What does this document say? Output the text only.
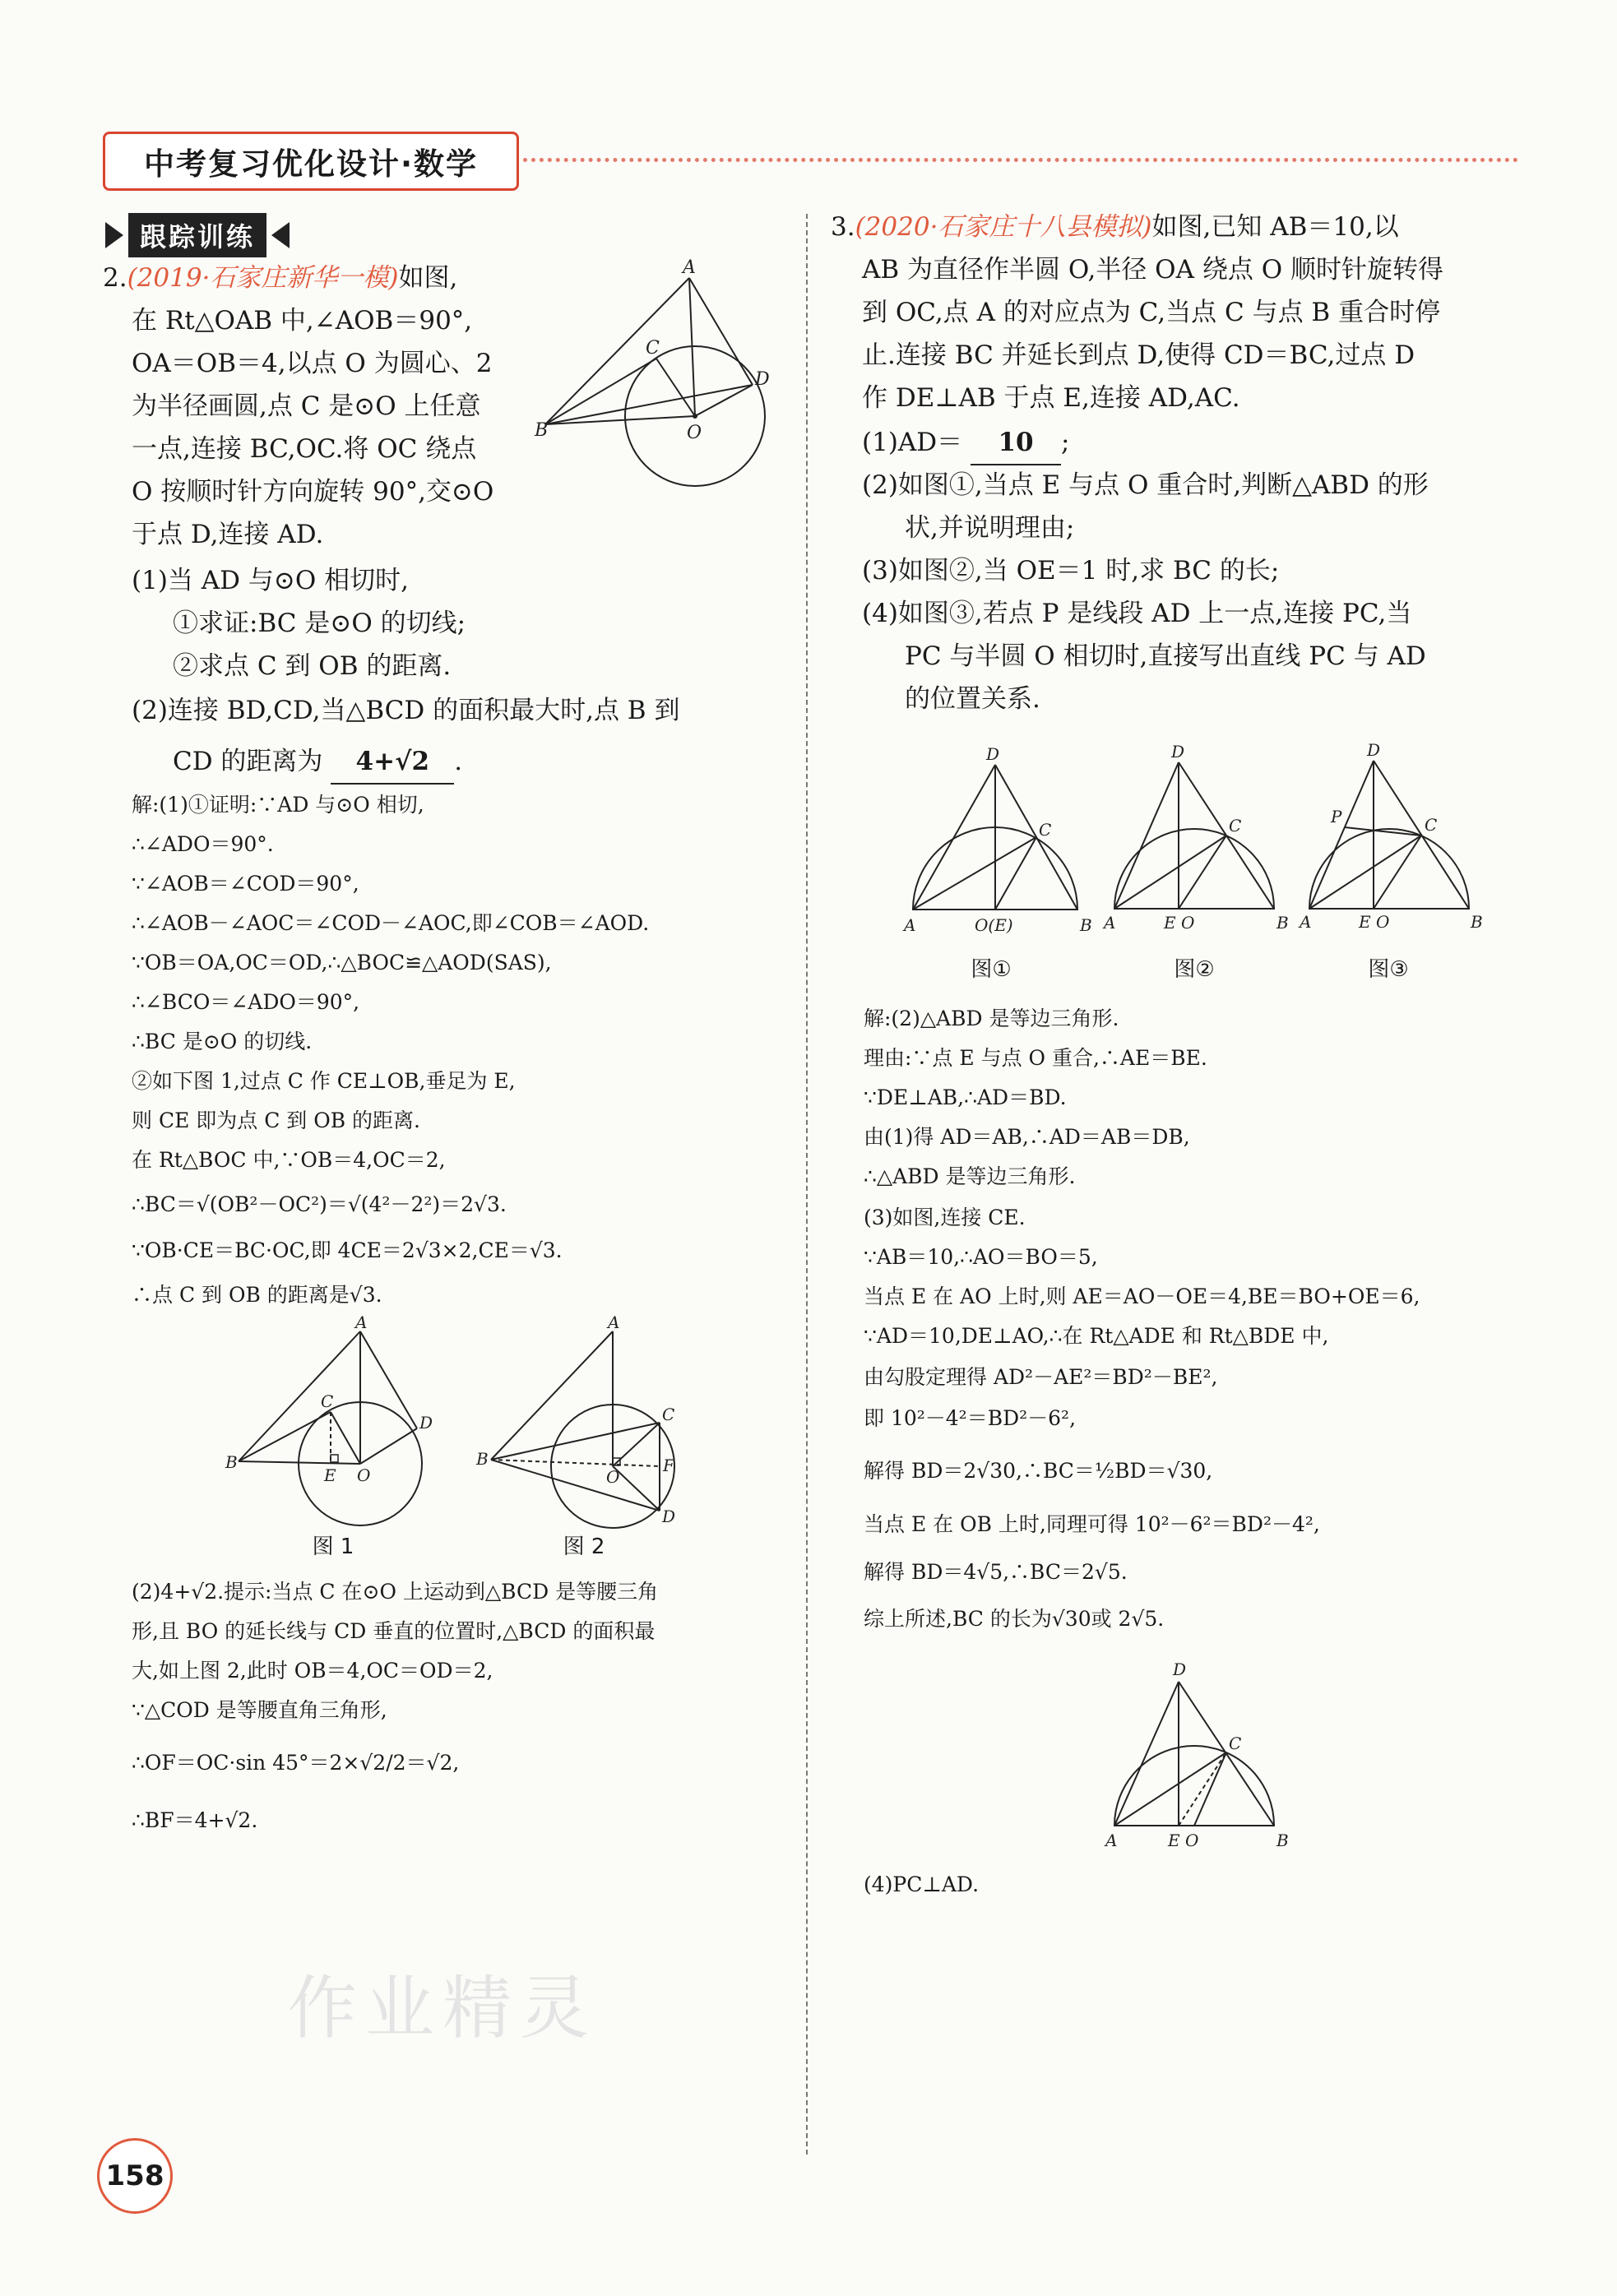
中考复习优化设计·数学
跟踪训练
2.(2019·石家庄新华一模)如图,
在 Rt△OAB 中,∠AOB＝90°,
OA＝OB＝4,以点 O 为圆心、2
为半径画圆,点 C 是⊙O 上任意
一点,连接 BC,OC.将 OC 绕点
O 按顺时针方向旋转 90°,交⊙O
于点 D,连接 AD.
(1)当 AD 与⊙O 相切时,
①求证:BC 是⊙O 的切线;
②求点 C 到 OB 的距离.
(2)连接 BD,CD,当△BCD 的面积最大时,点 B 到
CD 的距离为 4+√2 .
A
B
C
D
O
解:(1)①证明:∵AD 与⊙O 相切,
∴∠ADO＝90°.
∵∠AOB＝∠COD＝90°,
∴∠AOB－∠AOC＝∠COD－∠AOC,即∠COB＝∠AOD.
∵OB＝OA,OC＝OD,∴△BOC≌△AOD(SAS),
∴∠BCO＝∠ADO＝90°,
∴BC 是⊙O 的切线.
②如下图 1,过点 C 作 CE⊥OB,垂足为 E,
则 CE 即为点 C 到 OB 的距离.
在 Rt△BOC 中,∵OB＝4,OC＝2,
∴BC＝√(OB²－OC²)＝√(4²－2²)＝2√3.
∵OB·CE＝BC·OC,即 4CE＝2√3×2,CE＝√3.
∴点 C 到 OB 的距离是√3.
A
B
C
D
E O
图 1
A
B
C
D
F
O
图 2
(2)4+√2.提示:当点 C 在⊙O 上运动到△BCD 是等腰三角
形,且 BO 的延长线与 CD 垂直的位置时,△BCD 的面积最
大,如上图 2,此时 OB＝4,OC＝OD＝2,
∵△COD 是等腰直角三角形,
∴OF＝OC·sin 45°＝2×√2/2＝√2,
∴BF＝4+√2.
作业精灵
3.(2020·石家庄十八县模拟)如图,已知 AB＝10,以
AB 为直径作半圆 O,半径 OA 绕点 O 顺时针旋转得
到 OC,点 A 的对应点为 C,当点 C 与点 B 重合时停
止.连接 BC 并延长到点 D,使得 CD＝BC,过点 D
作 DE⊥AB 于点 E,连接 AD,AC.
(1)AD＝ 10 ;
(2)如图①,当点 E 与点 O 重合时,判断△ABD 的形
状,并说明理由;
(3)如图②,当 OE＝1 时,求 BC 的长;
(4)如图③,若点 P 是线段 AD 上一点,连接 PC,当
PC 与半圆 O 相切时,直接写出直线 PC 与 AD
的位置关系.
D
C
A	O(E)	B
图①
D
C
A	E O	B
图②
D
P	C
A	E O	B
图③
解:(2)△ABD 是等边三角形.
理由:∵点 E 与点 O 重合,∴AE＝BE.
∵DE⊥AB,∴AD＝BD.
由(1)得 AD＝AB,∴AD＝AB＝DB,
∴△ABD 是等边三角形.
(3)如图,连接 CE.
∵AB＝10,∴AO＝BO＝5,
当点 E 在 AO 上时,则 AE＝AO－OE＝4,BE＝BO+OE＝6,
∵AD＝10,DE⊥AO,∴在 Rt△ADE 和 Rt△BDE 中,
由勾股定理得 AD²－AE²＝BD²－BE²,
即 10²－4²＝BD²－6²,
解得 BD＝2√30,∴BC＝½BD＝√30,
当点 E 在 OB 上时,同理可得 10²－6²＝BD²－4²,
解得 BD＝4√5,∴BC＝2√5.
综上所述,BC 的长为√30或 2√5.
D
C
A	E O	B
(4)PC⊥AD.
158
